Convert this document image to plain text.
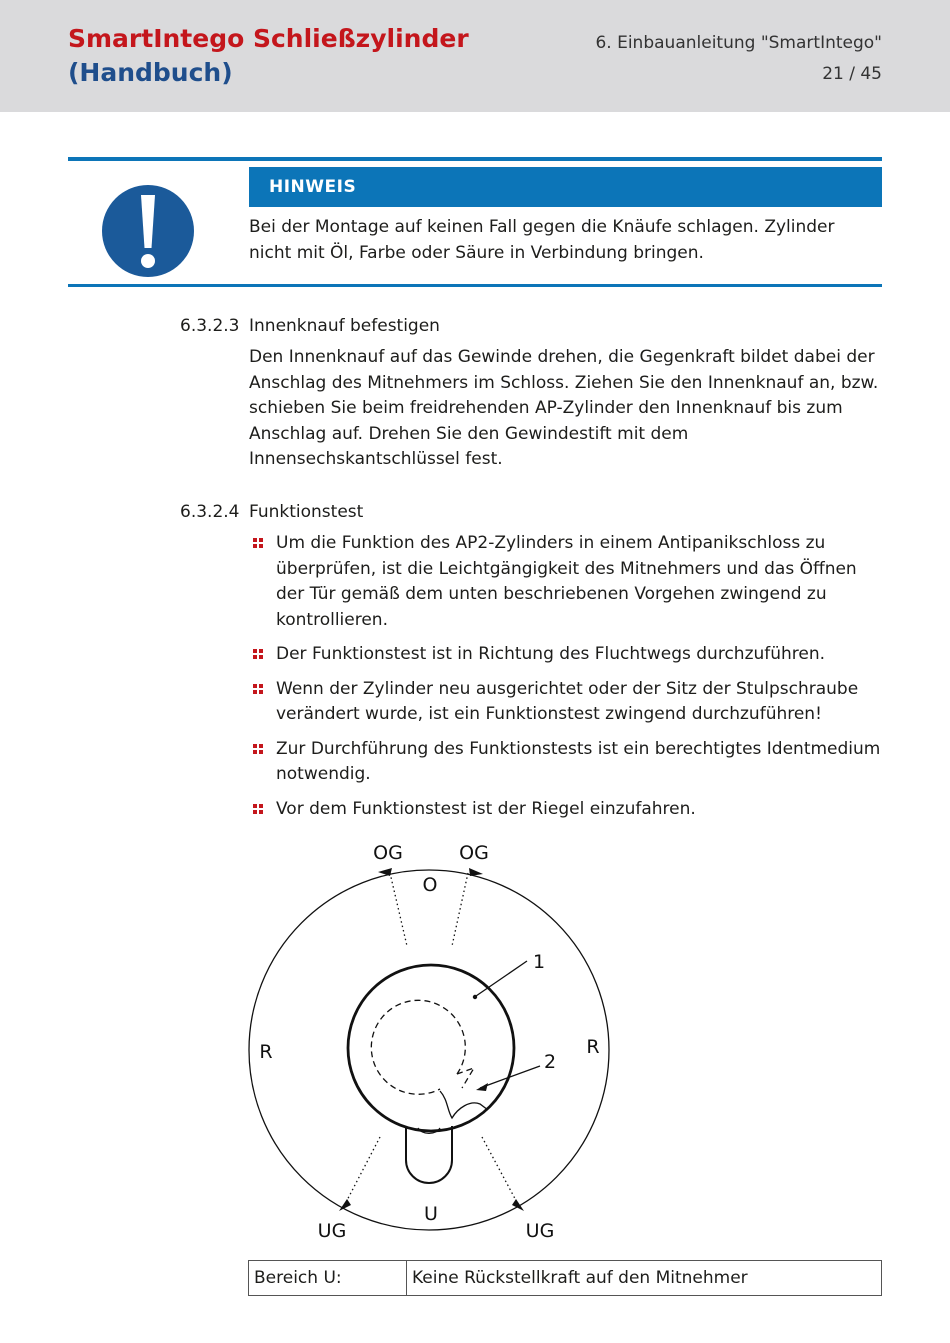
SmartIntego Schließzylinder
(Handbuch)
6. Einbauanleitung "SmartIntego"
21 / 45
HINWEIS

Bei der Montage auf keinen Fall gegen die Knäufe schlagen. Zylinder nicht mit Öl, Farbe oder Säure in Verbindung bringen.

6.3.2.3 Innenknauf befestigen

Den Innenknauf auf das Gewinde drehen, die Gegenkraft bildet dabei der Anschlag des Mitnehmers im Schloss. Ziehen Sie den Innenknauf an, bzw. schieben Sie beim freidrehenden AP-Zylinder den Innenknauf bis zum Anschlag auf. Drehen Sie den Gewindestift mit dem Innensechskantschlüssel fest.

6.3.2.4 Funktionstest
Um die Funktion des AP2-Zylinders in einem Antipanikschloss zu überprüfen, ist die Leichtgängigkeit des Mitnehmers und das Öffnen der Tür gemäß dem unten beschriebenen Vorgehen zwingend zu kontrollieren.
Der Funktionstest ist in Richtung des Fluchtwegs durchzuführen.
Wenn der Zylinder neu ausgerichtet oder der Sitz der Stulpschraube verändert wurde, ist ein Funktionstest zwingend durchzuführen!
Zur Durchführung des Funktionstests ist ein berechtigtes Identmedium notwendig.
Vor dem Funktionstest ist der Riegel einzufahren.
OG	OG
O
1
R	R
2
U
UG	UG
Bereich U:	Keine Rückstellkraft auf den Mitnehmer
